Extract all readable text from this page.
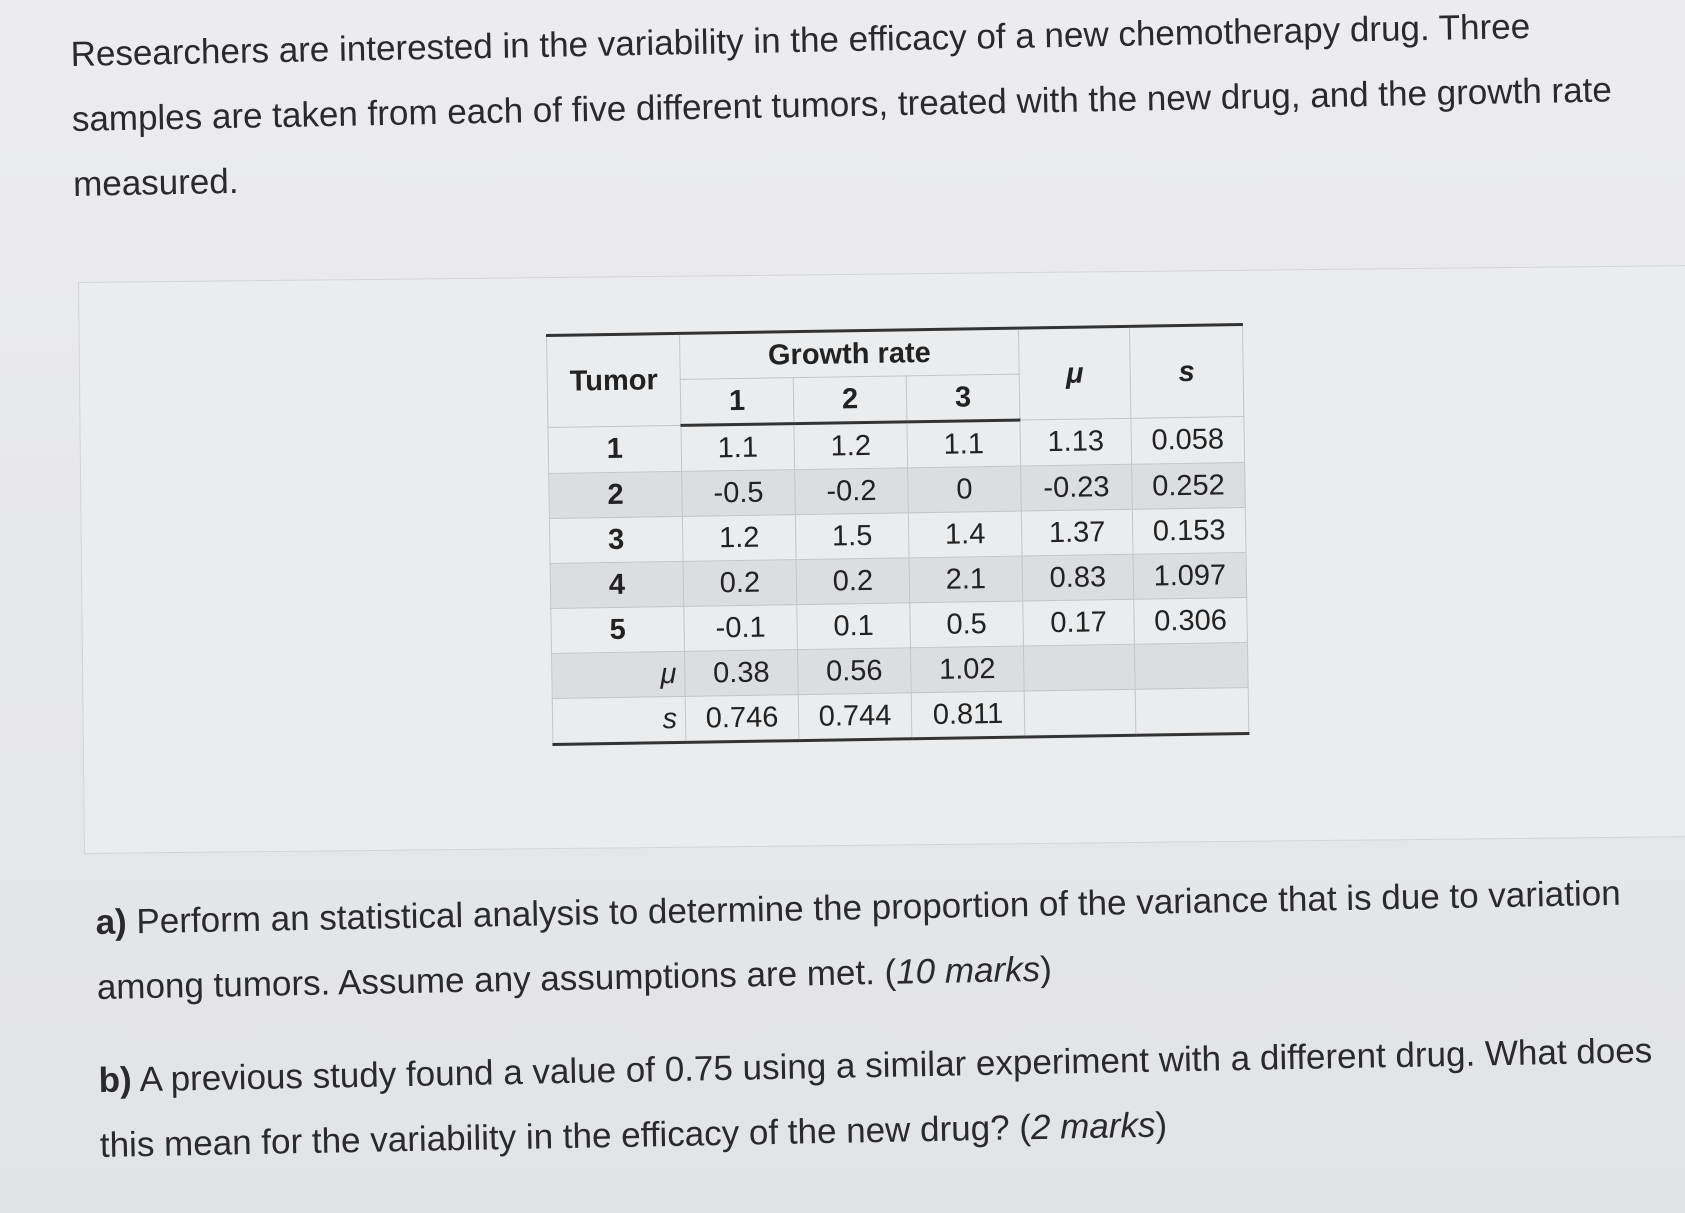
Researchers are interested in the variability in the efficacy of a new chemotherapy drug. Three samples are taken from each of five different tumors, treated with the new drug, and the growth rate measured.

Tumor	Growth rate			μ	s
	1	2	3		
1	1.1	1.2	1.1	1.13	0.058
2	-0.5	-0.2	0	-0.23	0.252
3	1.2	1.5	1.4	1.37	0.153
4	0.2	0.2	2.1	0.83	1.097
5	-0.1	0.1	0.5	0.17	0.306
μ	0.38	0.56	1.02		
s	0.746	0.744	0.811		

a) Perform an statistical analysis to determine the proportion of the variance that is due to variation among tumors. Assume any assumptions are met. (10 marks)

b) A previous study found a value of 0.75 using a similar experiment with a different drug. What does this mean for the variability in the efficacy of the new drug? (2 marks)
